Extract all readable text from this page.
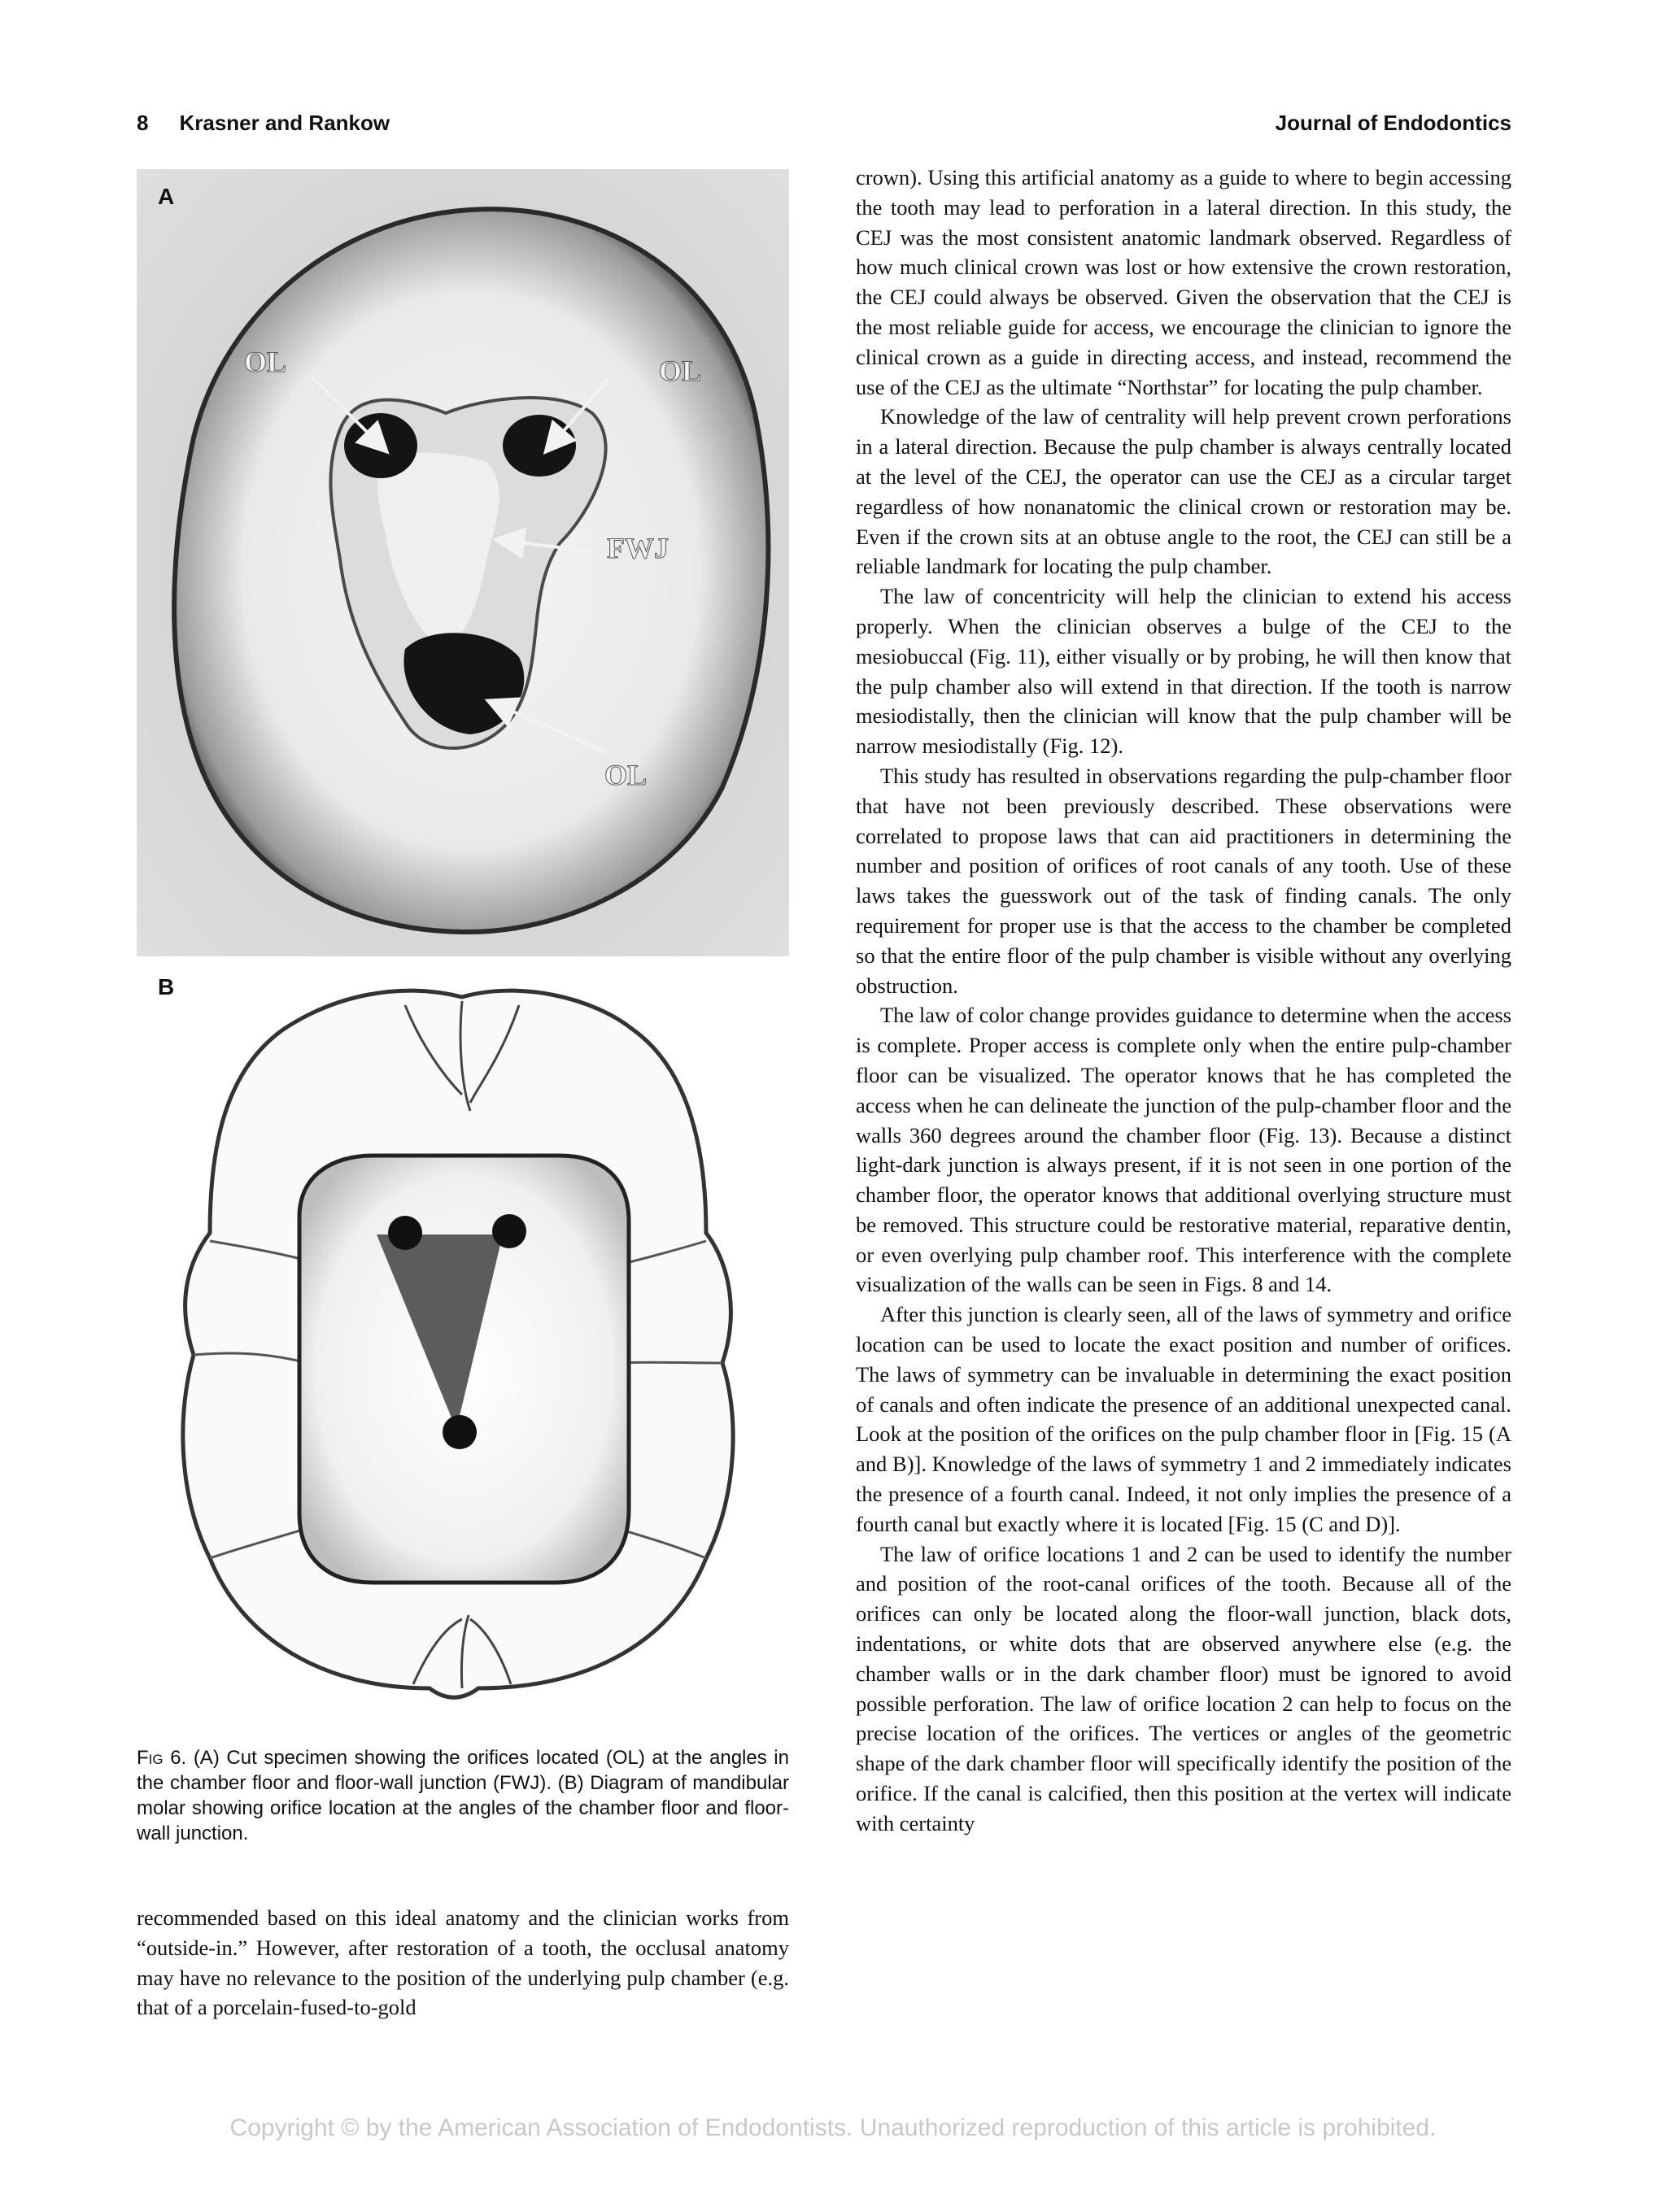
8 Krasner and Rankow	Journal of Endodontics
OL	OL
FWJ
OL
A
B
Fig 6. (A) Cut specimen showing the orifices located (OL) at the angles in the chamber floor and floor-wall junction (FWJ). (B) Diagram of mandibular molar showing orifice location at the angles of the chamber floor and floor-wall junction.

recommended based on this ideal anatomy and the clinician works from “outside-in.” However, after restoration of a tooth, the occlusal anatomy may have no relevance to the position of the underlying pulp chamber (e.g. that of a porcelain-fused-to-gold

crown). Using this artificial anatomy as a guide to where to begin accessing the tooth may lead to perforation in a lateral direction. In this study, the CEJ was the most consistent anatomic landmark observed. Regardless of how much clinical crown was lost or how extensive the crown restoration, the CEJ could always be observed. Given the observation that the CEJ is the most reliable guide for access, we encourage the clinician to ignore the clinical crown as a guide in directing access, and instead, recommend the use of the CEJ as the ultimate “Northstar” for locating the pulp chamber.

Knowledge of the law of centrality will help prevent crown perforations in a lateral direction. Because the pulp chamber is always centrally located at the level of the CEJ, the operator can use the CEJ as a circular target regardless of how nonanatomic the clinical crown or restoration may be. Even if the crown sits at an obtuse angle to the root, the CEJ can still be a reliable landmark for locating the pulp chamber.

The law of concentricity will help the clinician to extend his access properly. When the clinician observes a bulge of the CEJ to the mesiobuccal (Fig. 11), either visually or by probing, he will then know that the pulp chamber also will extend in that direction. If the tooth is narrow mesiodistally, then the clinician will know that the pulp chamber will be narrow mesiodistally (Fig. 12).

This study has resulted in observations regarding the pulp-chamber floor that have not been previously described. These observations were correlated to propose laws that can aid practitioners in determining the number and position of orifices of root canals of any tooth. Use of these laws takes the guesswork out of the task of finding canals. The only requirement for proper use is that the access to the chamber be completed so that the entire floor of the pulp chamber is visible without any overlying obstruction.

The law of color change provides guidance to determine when the access is complete. Proper access is complete only when the entire pulp-chamber floor can be visualized. The operator knows that he has completed the access when he can delineate the junction of the pulp-chamber floor and the walls 360 degrees around the chamber floor (Fig. 13). Because a distinct light-dark junction is always present, if it is not seen in one portion of the chamber floor, the operator knows that additional overlying structure must be removed. This structure could be restorative material, reparative dentin, or even overlying pulp chamber roof. This interference with the complete visualization of the walls can be seen in Figs. 8 and 14.

After this junction is clearly seen, all of the laws of symmetry and orifice location can be used to locate the exact position and number of orifices. The laws of symmetry can be invaluable in determining the exact position of canals and often indicate the presence of an additional unexpected canal. Look at the position of the orifices on the pulp chamber floor in [Fig. 15 (A and B)]. Knowledge of the laws of symmetry 1 and 2 immediately indicates the presence of a fourth canal. Indeed, it not only implies the presence of a fourth canal but exactly where it is located [Fig. 15 (C and D)].

The law of orifice locations 1 and 2 can be used to identify the number and position of the root-canal orifices of the tooth. Because all of the orifices can only be located along the floor-wall junction, black dots, indentations, or white dots that are observed anywhere else (e.g. the chamber walls or in the dark chamber floor) must be ignored to avoid possible perforation. The law of orifice location 2 can help to focus on the precise location of the orifices. The vertices or angles of the geometric shape of the dark chamber floor will specifically identify the position of the orifice. If the canal is calcified, then this position at the vertex will indicate with certainty

Copyright © by the American Association of Endodontists. Unauthorized reproduction of this article is prohibited.
